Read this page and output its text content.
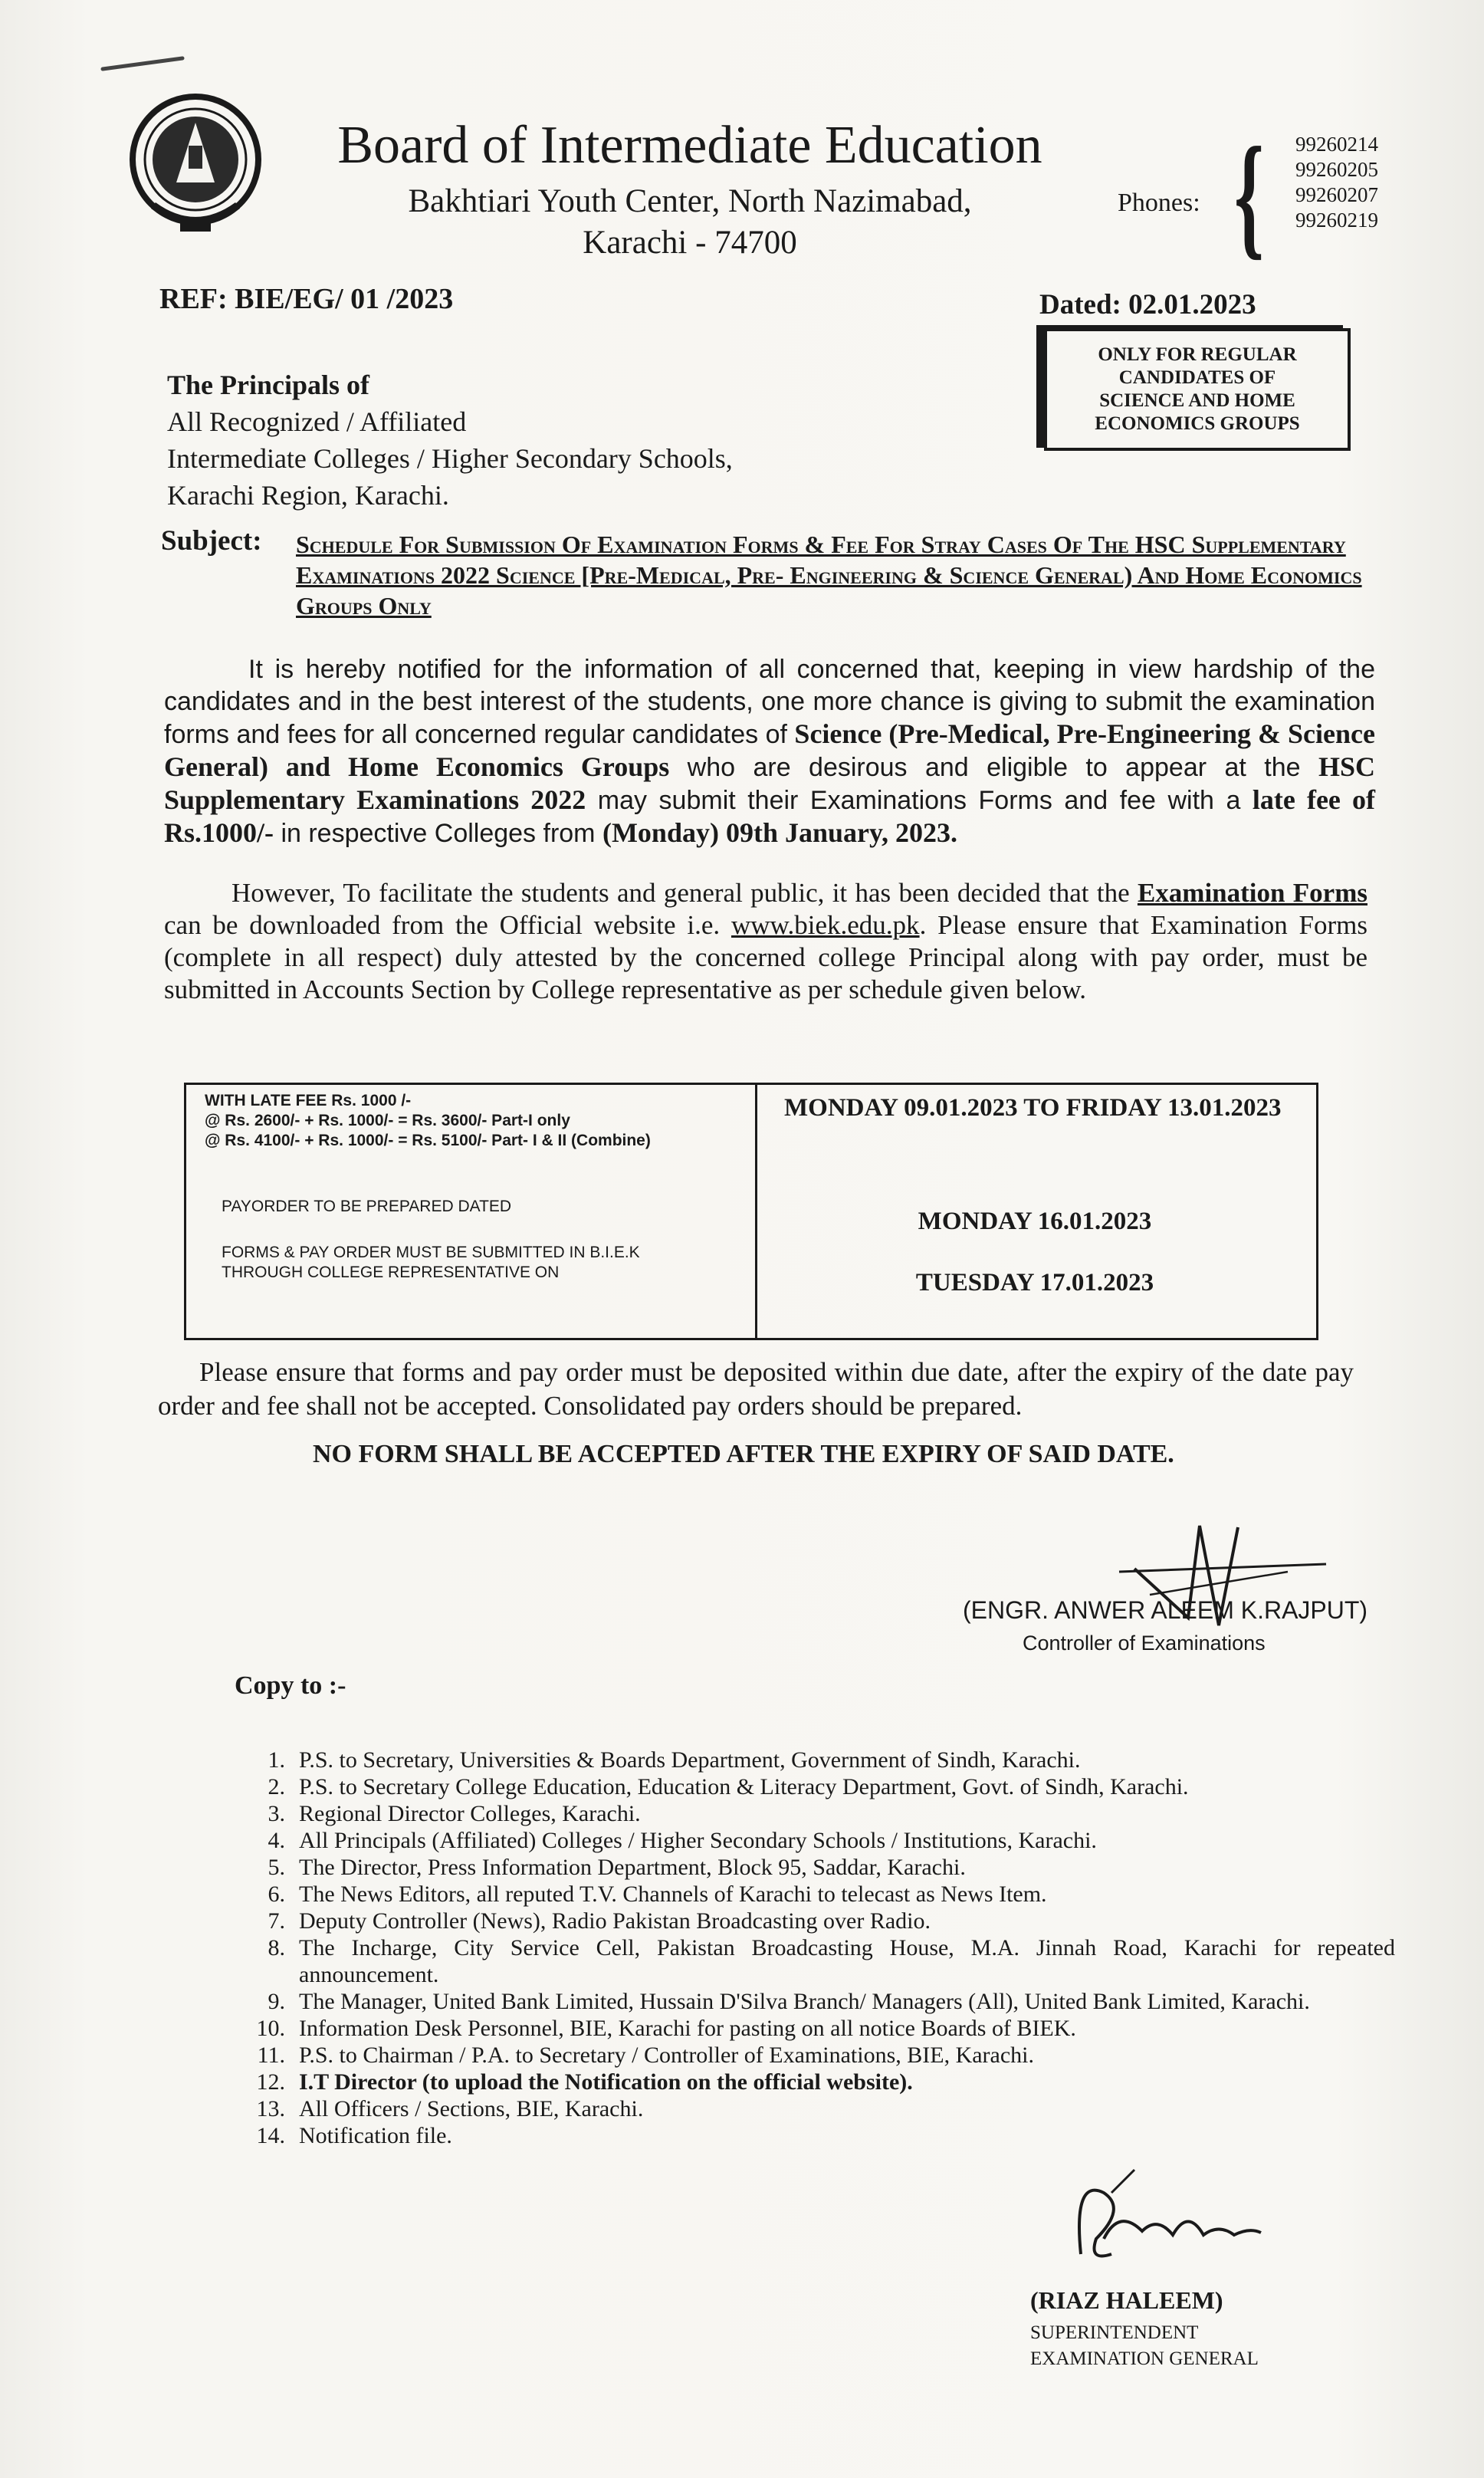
Board of Intermediate Education
Bakhtiari Youth Center, North Nazimabad,
Karachi - 74700
Phones: { 99260214
99260205
99260207
99260219
REF: BIE/EG/ 01 /2023	Dated: 02.01.2023
ONLY FOR REGULAR
CANDIDATES OF
SCIENCE AND HOME
ECONOMICS GROUPS
The Principals of
All Recognized / Affiliated
Intermediate Colleges / Higher Secondary Schools,
Karachi Region, Karachi.
Subject: Schedule For Submission Of Examination Forms & Fee For Stray Cases Of The HSC Supplementary Examinations 2022 Science [Pre-Medical, Pre- Engineering & Science General) And Home Economics Groups Only
It is hereby notified for the information of all concerned that, keeping in view hardship of the candidates and in the best interest of the students, one more chance is giving to submit the examination forms and fees for all concerned regular candidates of Science (Pre-Medical, Pre-Engineering & Science General) and Home Economics Groups who are desirous and eligible to appear at the HSC Supplementary Examinations 2022 may submit their Examinations Forms and fee with a late fee of Rs.1000/- in respective Colleges from (Monday) 09th January, 2023.
However, To facilitate the students and general public, it has been decided that the Examination Forms can be downloaded from the Official website i.e. www.biek.edu.pk. Please ensure that Examination Forms (complete in all respect) duly attested by the concerned college Principal along with pay order, must be submitted in Accounts Section by College representative as per schedule given below.
WITH LATE FEE Rs. 1000 /-
@ Rs. 2600/- + Rs. 1000/- = Rs. 3600/- Part-I only
@ Rs. 4100/- + Rs. 1000/- = Rs. 5100/- Part- I & II (Combine)
PAYORDER TO BE PREPARED DATED
FORMS & PAY ORDER MUST BE SUBMITTED IN B.I.E.K
THROUGH COLLEGE REPRESENTATIVE ON
MONDAY 09.01.2023 TO FRIDAY 13.01.2023
MONDAY 16.01.2023
TUESDAY 17.01.2023
Please ensure that forms and pay order must be deposited within due date, after the expiry of the date pay order and fee shall not be accepted. Consolidated pay orders should be prepared.
NO FORM SHALL BE ACCEPTED AFTER THE EXPIRY OF SAID DATE.
(ENGR. ANWER ALEEM K.RAJPUT)
Controller of Examinations
Copy to :-
1. P.S. to Secretary, Universities & Boards Department, Government of Sindh, Karachi.
2. P.S. to Secretary College Education, Education & Literacy Department, Govt. of Sindh, Karachi.
3. Regional Director Colleges, Karachi.
4. All Principals (Affiliated) Colleges / Higher Secondary Schools / Institutions, Karachi.
5. The Director, Press Information Department, Block 95, Saddar, Karachi.
6. The News Editors, all reputed T.V. Channels of Karachi to telecast as News Item.
7. Deputy Controller (News), Radio Pakistan Broadcasting over Radio.
8. The Incharge, City Service Cell, Pakistan Broadcasting House, M.A. Jinnah Road, Karachi for repeated announcement.
9. The Manager, United Bank Limited, Hussain D'Silva Branch/ Managers (All), United Bank Limited, Karachi.
10. Information Desk Personnel, BIE, Karachi for pasting on all notice Boards of BIEK.
11. P.S. to Chairman / P.A. to Secretary / Controller of Examinations, BIE, Karachi.
12. I.T Director (to upload the Notification on the official website).
13. All Officers / Sections, BIE, Karachi.
14. Notification file.
(RIAZ HALEEM)
SUPERINTENDENT
EXAMINATION GENERAL
